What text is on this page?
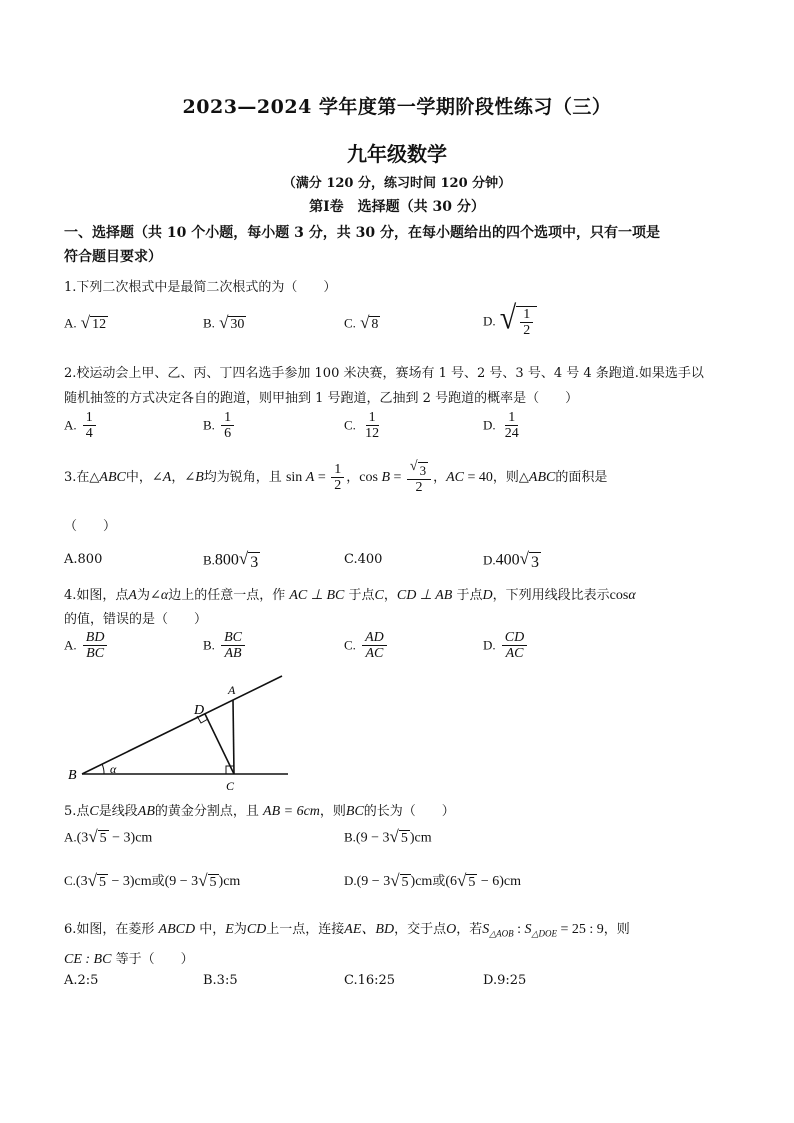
2023—2024 学年度第一学期阶段性练习（三）
九年级数学
（满分 120 分，练习时间 120 分钟）
第Ⅰ卷　选择题（共 30 分）
一、选择题（共 10 个小题，每小题 3 分，共 30 分，在每小题给出的四个选项中，只有一项是
符合题目要求）
1.下列二次根式中是最简二次根式的为（　　）
A. √ 12	B. √ 30	C. √ 8	D. √ $\frac{1}{2}$
2.校运动会上甲、乙、丙、丁四名选手参加 100 米决赛，赛场有 1 号、2 号、3 号、4 号 4 条跑道.如果选手以
随机抽签的方式决定各自的跑道，则甲抽到 1 号跑道，乙抽到 2 号跑道的概率是（　　）
A. $\frac{1}{4}$	B. $\frac{1}{6}$	C. $\frac{1}{12}$	D. $\frac{1}{24}$
3.在△ABC中，∠A，∠B均为锐角，且 $\sin A = \frac{1}{2}$ ，$\cos B = \frac{√ 3}{2}$ ，AC = 40，则△ABC的面积是
（　　）
A.800	B.800 √ 3	C.400	D.400 √ 3
4.如图，点A为∠α边上的任意一点，作 AC ⊥ BC 于点C，CD ⊥ AB 于点D，下列用线段比表示cosα
的值，错误的是（　　）
A. $\frac{BD}{BC}$	B. $\frac{BC}{AB}$	C. $\frac{AD}{AC}$	D. $\frac{CD}{AC}$
B	α
D
A
C
5.点C是线段AB的黄金分割点，且 AB = 6cm，则BC的长为（　　）
A.(3 √ 5 − 3)cm	B.(9 − 3 √ 5 )cm
C.(3 √ 5 − 3)cm或(9 − 3 √ 5 )cm	D.(9 − 3 √ 5 )cm或(6 √ 5 − 6)cm
6.如图，在菱形 ABCD 中，E为CD上一点，连接AE、BD，交于点O，若$S_{\triangle AOB}$ : $S_{\triangle DOE} = 25$ : 9，则
CE : BC 等于（　　）
A.2:5	B.3:5	C.16:25	D.9:25
